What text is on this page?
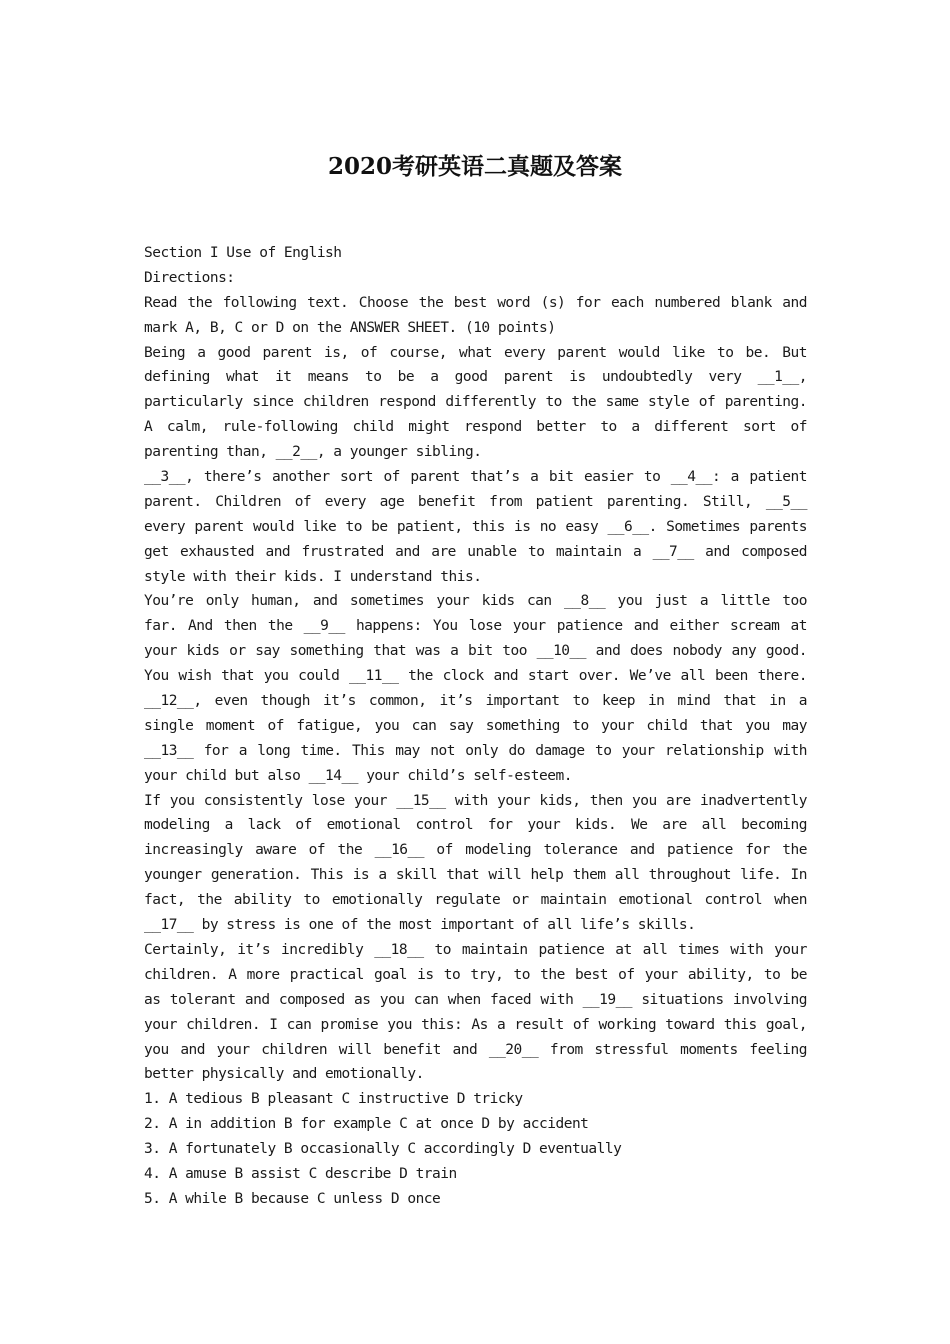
2020考研英语二真题及答案
Section I Use of English
Directions:
Read the following text. Choose the best word (s) for each numbered blank and
mark A, B, C or D on the ANSWER SHEET. (10 points)
Being a good parent is, of course, what every parent would like to be. But
defining what it means to be a good parent is undoubtedly very __1__,
particularly since children respond differently to the same style of parenting.
A calm, rule-following child might respond better to a different sort of
parenting than, __2__, a younger sibling.
__3__, there’s another sort of parent that’s a bit easier to __4__: a patient
parent. Children of every age benefit from patient parenting. Still, __5__
every parent would like to be patient, this is no easy __6__. Sometimes parents
get exhausted and frustrated and are unable to maintain a __7__ and composed
style with their kids. I understand this.
You’re only human, and sometimes your kids can __8__ you just a little too
far. And then the __9__ happens: You lose your patience and either scream at
your kids or say something that was a bit too __10__ and does nobody any good.
You wish that you could __11__ the clock and start over. We’ve all been there.
__12__, even though it’s common, it’s important to keep in mind that in a
single moment of fatigue, you can say something to your child that you may
__13__ for a long time. This may not only do damage to your relationship with
your child but also __14__ your child’s self-esteem.
If you consistently lose your __15__ with your kids, then you are inadvertently
modeling a lack of emotional control for your kids. We are all becoming
increasingly aware of the __16__ of modeling tolerance and patience for the
younger generation. This is a skill that will help them all throughout life. In
fact, the ability to emotionally regulate or maintain emotional control when
__17__ by stress is one of the most important of all life’s skills.
Certainly, it’s incredibly __18__ to maintain patience at all times with your
children. A more practical goal is to try, to the best of your ability, to be
as tolerant and composed as you can when faced with __19__ situations involving
your children. I can promise you this: As a result of working toward this goal,
you and your children will benefit and __20__ from stressful moments feeling
better physically and emotionally.
1. A tedious B pleasant C instructive D tricky
2. A in addition B for example C at once D by accident
3. A fortunately B occasionally C accordingly D eventually
4. A amuse B assist C describe D train
5. A while B because C unless D once
